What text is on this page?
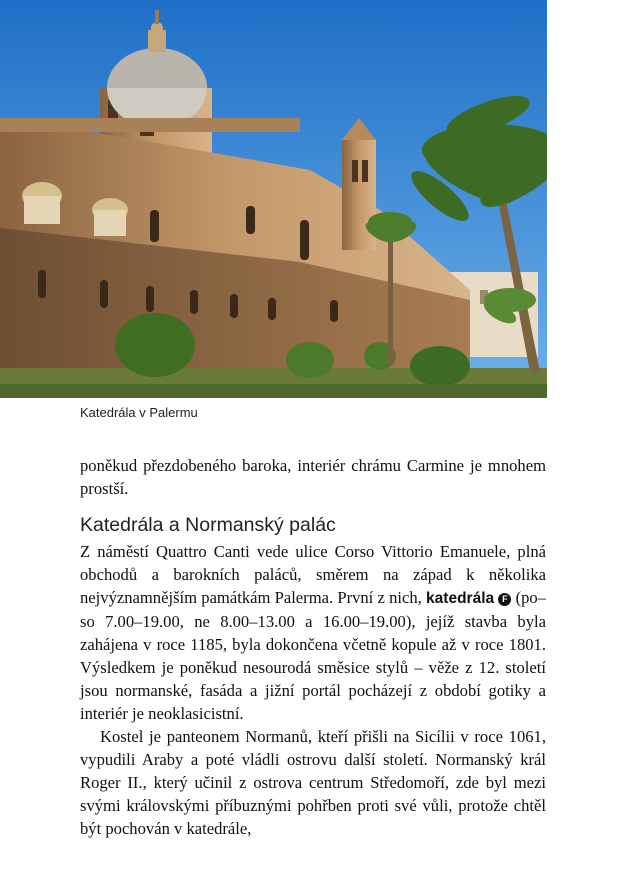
Katedrála v Palermu

poněkud přezdobeného baroka, interiér chrámu Carmine je mnohem prostší.

Katedrála a Normanský palác

Z náměstí Quattro Canti vede ulice Corso Vittorio Emanuele, plná obchodů a barokních paláců, směrem na západ k několika nejvýznamnějším památkám Palerma. První z nich, katedrála F (po–so 7.00–19.00, ne 8.00–13.00 a 16.00–19.00), jejíž stavba byla zahájena v roce 1185, byla dokončena včetně kopule až v roce 1801. Výsledkem je poněkud nesourodá směsice stylů – věže z 12. století jsou normanské, fasáda a jižní portál pocházejí z období gotiky a interiér je neoklasicistní.

Kostel je panteonem Normanů, kteří přišli na Sicílii v roce 1061, vypudili Araby a poté vládli ostrovu další století. Normanský král Roger II., který učinil z ostrova centrum Středomoří, zde byl mezi svými královskými příbuznými pohřben proti své vůli, protože chtěl být pochován v katedrále,
